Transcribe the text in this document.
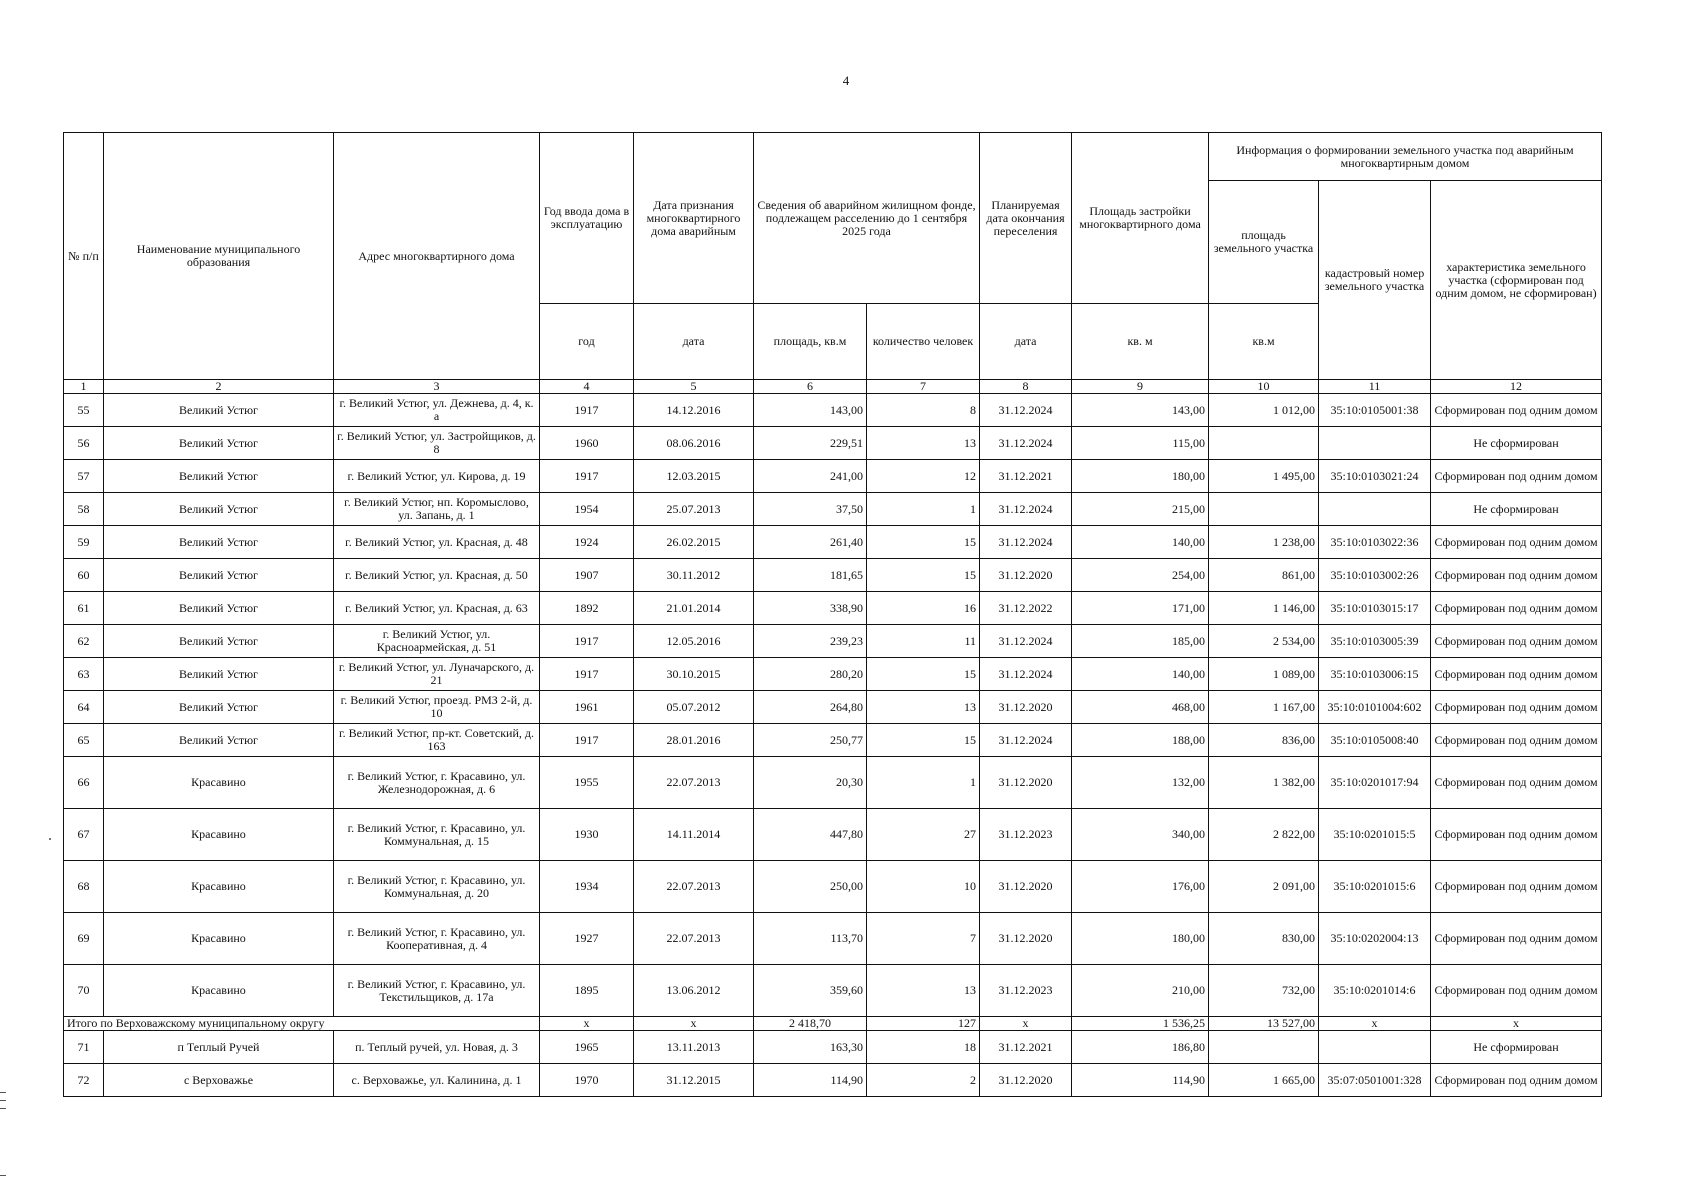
4
№ п/п	Наименование муниципального образования	Адрес многоквартирного дома	Год ввода дома в эксплуатацию	Дата признания многоквартирного дома аварийным	Сведения об аварийном жилищном фонде, подлежащем расселению до 1 сентября 2025 года		Планируемая дата окончания переселения	Площадь застройки многоквартирного дома	Информация о формировании земельного участка под аварийным многоквартирным домом		
									площадь земельного участка	кадастровый номер земельного участка	характеристика земельного участка (сформирован под одним домом, не сформирован)
			год	дата	площадь, кв.м	количество человек	дата	кв. м	кв.м		
1	2	3	4	5	6	7	8	9	10	11	12
55	Великий Устюг	г. Великий Устюг, ул. Дежнева, д. 4, к. а	1917	14.12.2016	143,00	8	31.12.2024	143,00	1 012,00	35:10:0105001:38	Сформирован под одним домом
56	Великий Устюг	г. Великий Устюг, ул. Застройщиков, д. 8	1960	08.06.2016	229,51	13	31.12.2024	115,00			Не сформирован
57	Великий Устюг	г. Великий Устюг, ул. Кирова, д. 19	1917	12.03.2015	241,00	12	31.12.2021	180,00	1 495,00	35:10:0103021:24	Сформирован под одним домом
58	Великий Устюг	г. Великий Устюг, нп. Коромыслово, ул. Запань, д. 1	1954	25.07.2013	37,50	1	31.12.2024	215,00			Не сформирован
59	Великий Устюг	г. Великий Устюг, ул. Красная, д. 48	1924	26.02.2015	261,40	15	31.12.2024	140,00	1 238,00	35:10:0103022:36	Сформирован под одним домом
60	Великий Устюг	г. Великий Устюг, ул. Красная, д. 50	1907	30.11.2012	181,65	15	31.12.2020	254,00	861,00	35:10:0103002:26	Сформирован под одним домом
61	Великий Устюг	г. Великий Устюг, ул. Красная, д. 63	1892	21.01.2014	338,90	16	31.12.2022	171,00	1 146,00	35:10:0103015:17	Сформирован под одним домом
62	Великий Устюг	г. Великий Устюг, ул. Красноармейская, д. 51	1917	12.05.2016	239,23	11	31.12.2024	185,00	2 534,00	35:10:0103005:39	Сформирован под одним домом
63	Великий Устюг	г. Великий Устюг, ул. Луначарского, д. 21	1917	30.10.2015	280,20	15	31.12.2024	140,00	1 089,00	35:10:0103006:15	Сформирован под одним домом
64	Великий Устюг	г. Великий Устюг, проезд. РМЗ 2-й, д. 10	1961	05.07.2012	264,80	13	31.12.2020	468,00	1 167,00	35:10:0101004:602	Сформирован под одним домом
65	Великий Устюг	г. Великий Устюг, пр-кт. Советский, д. 163	1917	28.01.2016	250,77	15	31.12.2024	188,00	836,00	35:10:0105008:40	Сформирован под одним домом
66	Красавино	г. Великий Устюг, г. Красавино, ул. Железнодорожная, д. 6	1955	22.07.2013	20,30	1	31.12.2020	132,00	1 382,00	35:10:0201017:94	Сформирован под одним домом
67	Красавино	г. Великий Устюг, г. Красавино, ул. Коммунальная, д. 15	1930	14.11.2014	447,80	27	31.12.2023	340,00	2 822,00	35:10:0201015:5	Сформирован под одним домом
68	Красавино	г. Великий Устюг, г. Красавино, ул. Коммунальная, д. 20	1934	22.07.2013	250,00	10	31.12.2020	176,00	2 091,00	35:10:0201015:6	Сформирован под одним домом
69	Красавино	г. Великий Устюг, г. Красавино, ул. Кооперативная, д. 4	1927	22.07.2013	113,70	7	31.12.2020	180,00	830,00	35:10:0202004:13	Сформирован под одним домом
70	Красавино	г. Великий Устюг, г. Красавино, ул. Текстильщиков, д. 17а	1895	13.06.2012	359,60	13	31.12.2023	210,00	732,00	35:10:0201014:6	Сформирован под одним домом
Итого по Верховажскому муниципальному округу			x	x	2 418,70	127	x	1 536,25	13 527,00	x	x
71	п Теплый Ручей	п. Теплый ручей, ул. Новая, д. 3	1965	13.11.2013	163,30	18	31.12.2021	186,80			Не сформирован
72	с Верховажье	с. Верховажье, ул. Калинина, д. 1	1970	31.12.2015	114,90	2	31.12.2020	114,90	1 665,00	35:07:0501001:328	Сформирован под одним домом
